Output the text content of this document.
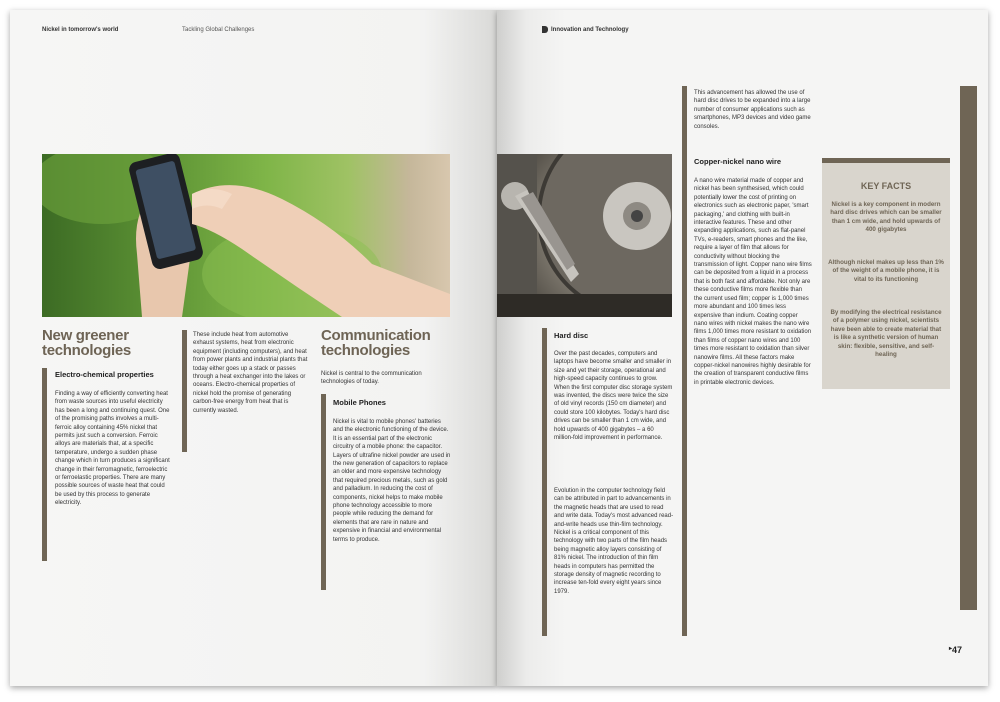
Nickel in tomorrow's world	Tackling Global Challenges	Innovation and Technology
New greener
technologies
Electro-chemical properties
Finding a way of efficiently converting heat from waste sources into useful electricity has been a long and continuing quest. One of the promising paths involves a multi-ferroic alloy containing 45% nickel that permits just such a conversion. Ferroic alloys are materials that, at a specific temperature, undergo a sudden phase change which in turn produces a significant change in their ferromagnetic, ferroelectric or ferroelastic properties. There are many possible sources of waste heat that could be used by this process to generate electricity.
These include heat from automotive exhaust systems, heat from electronic equipment (including computers), and heat from power plants and industrial plants that today either goes up a stack or passes through a heat exchanger into the lakes or oceans. Electro-chemical properties of nickel hold the promise of generating carbon-free energy from heat that is currently wasted.
Communication
technologies
Nickel is central to the communication technologies of today.
Mobile Phones
Nickel is vital to mobile phones' batteries and the electronic functioning of the device. It is an essential part of the electronic circuitry of a mobile phone: the capacitor. Layers of ultrafine nickel powder are used in the new generation of capacitors to replace an older and more expensive technology that required precious metals, such as gold and palladium. In reducing the cost of components, nickel helps to make mobile phone technology accessible to more people while reducing the demand for elements that are rare in nature and expensive in financial and environmental terms to produce.
Hard disc
Over the past decades, computers and laptops have become smaller and smaller in size and yet their storage, operational and high-speed capacity continues to grow. When the first computer disc storage system was invented, the discs were twice the size of old vinyl records (150 cm diameter) and could store 100 kilobytes. Today's hard disc drives can be smaller than 1 cm wide, and hold upwards of 400 gigabytes – a 60 million-fold improvement in performance.
Evolution in the computer technology field can be attributed in part to advancements in the magnetic heads that are used to read and write data. Today's most advanced read-and-write heads use thin-film technology. Nickel is a critical component of this technology with two parts of the film heads being magnetic alloy layers consisting of 81% nickel. The introduction of thin film heads in computers has permitted the storage density of magnetic recording to increase ten-fold every eight years since 1979.
This advancement has allowed the use of hard disc drives to be expanded into a large number of consumer applications such as smartphones, MP3 devices and video game consoles.
Copper-nickel nano wire
A nano wire material made of copper and nickel has been synthesised, which could potentially lower the cost of printing on electronics such as electronic paper, 'smart packaging,' and clothing with built-in interactive features. These and other expanding applications, such as flat-panel TVs, e-readers, smart phones and the like, require a layer of film that allows for conductivity without blocking the transmission of light. Copper nano wire films can be deposited from a liquid in a process that is both fast and affordable. Not only are these conductive films more flexible than the current used film; copper is 1,000 times more abundant and 100 times less expensive than indium. Coating copper nano wires with nickel makes the nano wire films 1,000 times more resistant to oxidation than films of copper nano wires and 100 times more resistant to oxidation than silver nanowire films. All these factors make copper-nickel nanowires highly desirable for the creation of transparent conductive films in printable electronic devices.
KEY FACTS
Nickel is a key component in modern hard disc drives which can be smaller than 1 cm wide, and hold upwards of 400 gigabytes
Although nickel makes up less than 1% of the weight of a mobile phone, it is vital to its functioning
By modifying the electrical resistance of a polymer using nickel, scientists have been able to create material that is like a synthetic version of human skin: flexible, sensitive, and self-healing
▸47
